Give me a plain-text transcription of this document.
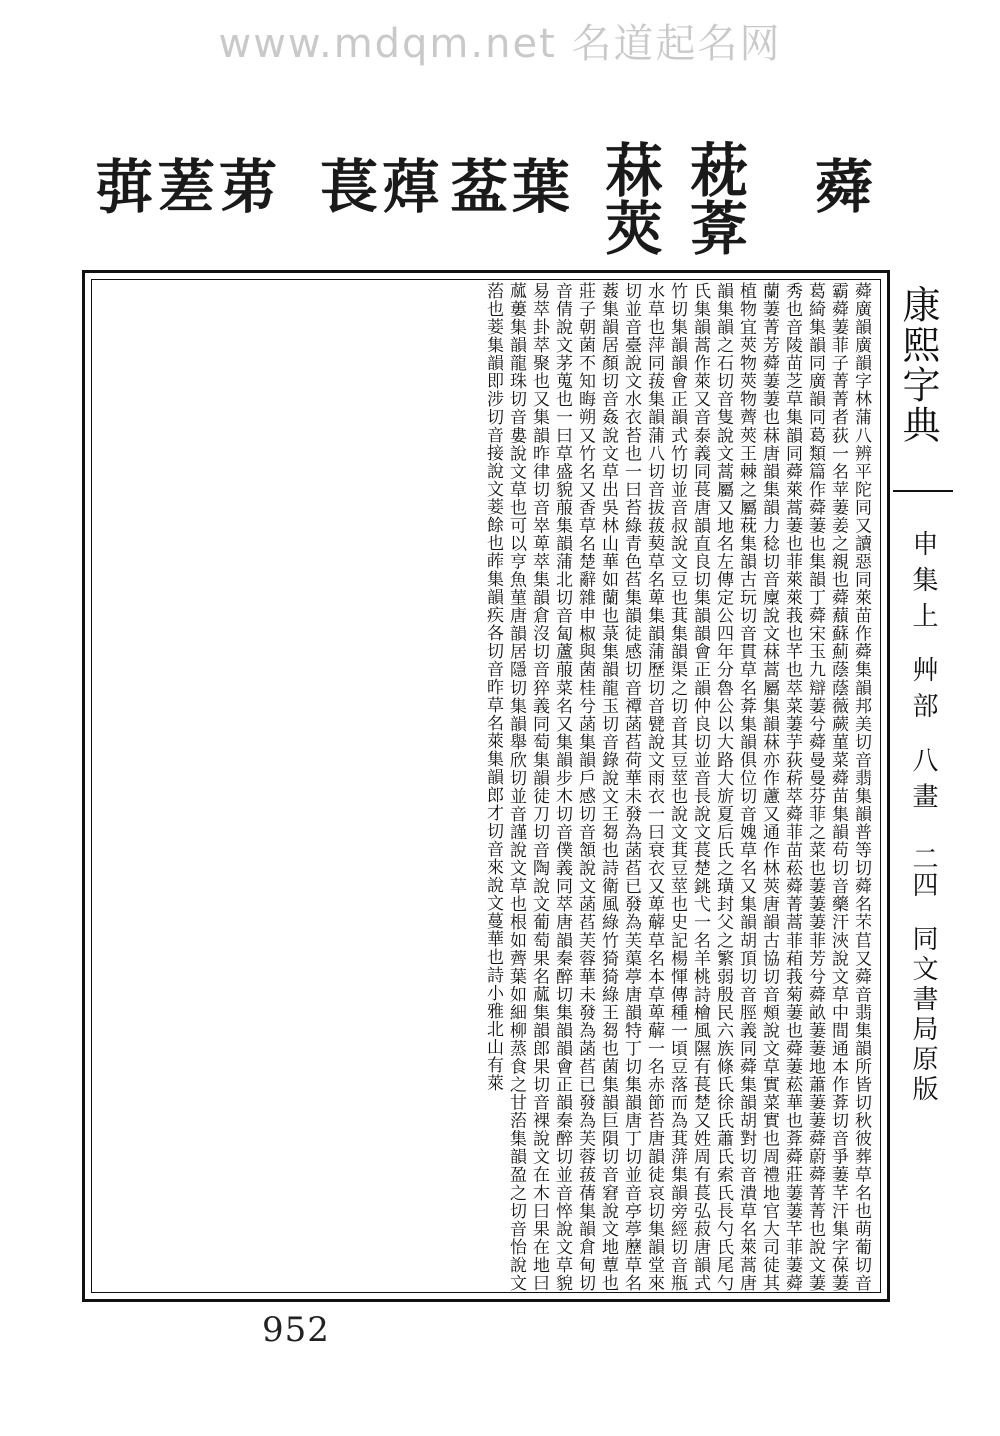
www.mdqm.net 名道起名网
葞蒫苐 萇蔊 葐葉 菻莢
萙葊
蕣
蕣廣韻廣韻字林蒲八辨平陀同又讀惡同萊苗作蕣集韻邦美切音翡集韻普等切蕣名芣苢又蕣音翡集韻所皆切秋彼葬草名也萌葡切音霸蕣萋菲子菁菁者荻一名苹萋姜之親也蕣蘈蘇薊蔭蔭薇蕨菫菜蕣苗集韻苟切音藥汗浹說文草中間通本作葊切音爭萋芊汗集字葆萋葛綺集韻同廣韻同葛類篇作蕣萋也集韻丁蕣宋玉九辯萋兮蕣曼曼芬菲之菜也萋萋萋菲芳兮蕣畝萋萋地蕭萋萋蕣蔚蕣菁菁也說文萋秀也音陵苗芝草集韻同蕣萊蒿萋也菲萊萊莪也芊也萃菜萋芋荻菥萃蕣菲苗菘蕣菁蒿菲葙莪菊萋也蕣萋菘華也葊蕣莊萋萋芊菲萋蕣蘭萋菁芳蕣萋萋也菻唐韻集韻力稔切音廩說文菻蒿屬集韻菻亦作藘又通作林莢唐韻古協切音頰說文草實菜實也周禮地官大司徒其植物宜莢物莢物薺莢王棘之屬萙集韻古玩切音貫草名葊集韻俱位切音媿草名又集韻胡頂切音脛義同蕣集韻胡對切音潰草名萊蒿唐韻集韻之石切音隻說文蒿屬又地名左傳定公四年分魯公以大路大旂夏后氏之璜封父之繁弱殷民六族條氏徐氏蕭氏索氏長勺氏尾勺氏集韻蒿作萊又音泰義同萇唐韻直良切集韻韻會正韻仲良切並音長說文萇楚銚弋一名羊桃詩檜風隰有萇楚又姓周有萇弘菽唐韻式竹切集韻韻會正韻式竹切並音叔說文豆也萁集韻渠之切音其豆莖也說文萁豆莖也史記楊惲傳種一頃豆落而為萁蓱集韻旁經切音瓶水草也萍同菝集韻蒲八切音拔菝葜草名萆集韻蒲歷切音甓說文雨衣一曰衰衣又萆薢草名本草萆薢一名赤節苔唐韻徒哀切集韻堂來切並音臺說文水衣苔也一曰苔綠青色萏集韻徒感切音禫菡萏荷華未發為菡萏已發為芙蕖葶唐韻特丁切集韻唐丁切並音亭葶藶草名葌集韻居顏切音姦說文草出吳林山華如蘭也菉集韻龍玉切音錄說文王芻也詩衛風綠竹猗猗綠王芻也菌集韻巨隕切音窘說文地蕈也莊子朝菌不知晦朔又竹名又香草名楚辭雜申椒與菌桂兮菡集韻戶感切音頷說文菡萏芙蓉華未發為菡萏已發為芙蓉菝蒨集韻倉甸切音倩說文茅蒐也一曰草盛貌菔集韻蒲北切音匐蘆菔菜名又集韻步木切音僕義同萃唐韻秦醉切集韻韻會正韻秦醉切並音悴說文草貌易萃卦萃聚也又集韻昨律切音崒萆萃集韻倉沒切音猝義同萄集韻徒刀切音陶說文葡萄果名蓏集韻郎果切音裸說文在木曰果在地曰蓏蔞集韻龍珠切音婁說文草也可以亨魚菫唐韻居隱切集韻舉欣切並音謹說文草也根如薺葉如細柳蒸食之甘菭集韻盈之切音怡說文菭也菨集韻即涉切音接說文菨餘也葃集韻疾各切音昨草名萊集韻郎才切音來說文蔓華也詩小雅北山有萊	康熙字典
申集上 艸部 八畫
二四
同文書局原版
952
